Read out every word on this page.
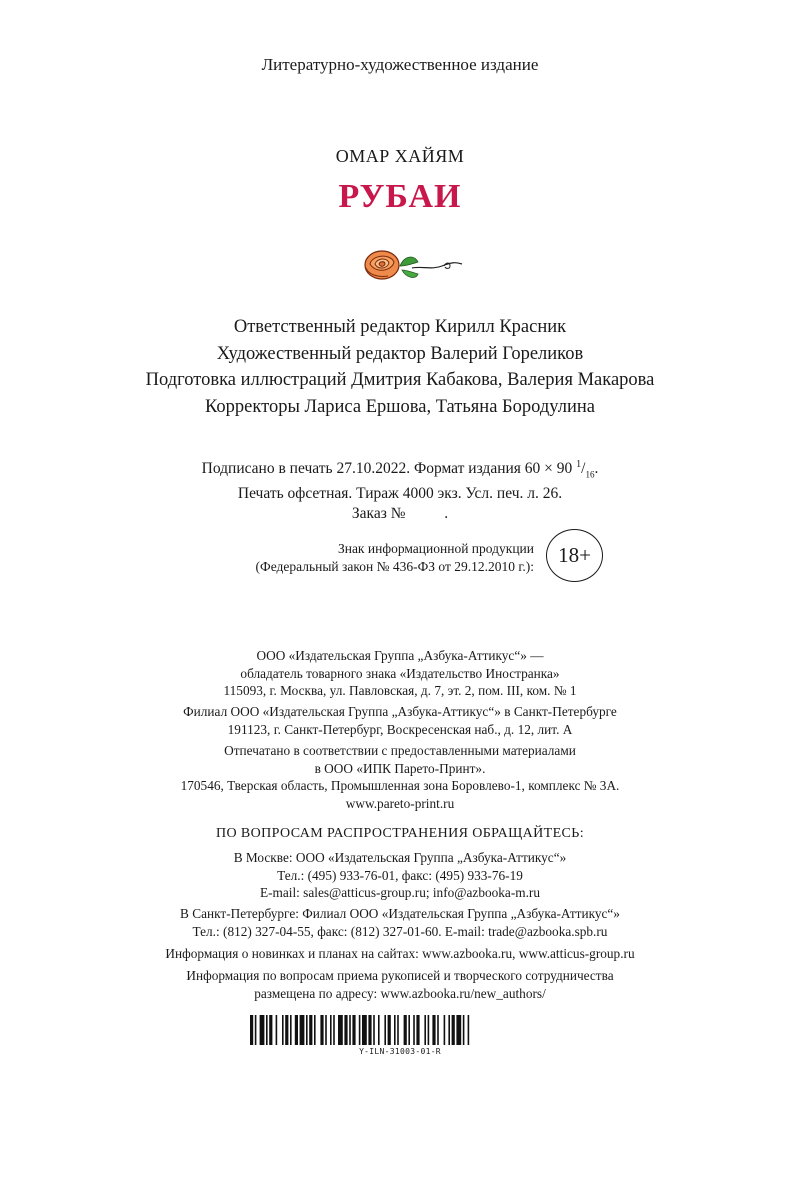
Литературно-художественное издание
ОМАР ХАЙЯМ
РУБАИ
Ответственный редактор Кирилл Красник
Художественный редактор Валерий Гореликов
Подготовка иллюстраций Дмитрия Кабакова, Валерия Макарова
Корректоры Лариса Ершова, Татьяна Бородулина
Подписано в печать 27.10.2022. Формат издания 60 × 90 $^1/_{16}$.
Печать офсетная. Тираж 4000 экз. Усл. печ. л. 26.
Заказ №          .
Знак информационной продукции
(Федеральный закон № 436-ФЗ от 29.12.2010 г.):	18+
ООО «Издательская Группа „Азбука-Аттикус“» —
обладатель товарного знака «Издательство Иностранка»
115093, г. Москва, ул. Павловская, д. 7, эт. 2, пом. III, ком. № 1
Филиал ООО «Издательская Группа „Азбука-Аттикус“» в Санкт-Петербурге
191123, г. Санкт-Петербург, Воскресенская наб., д. 12, лит. А
Отпечатано в соответствии с предоставленными материалами
в ООО «ИПК Парето-Принт».
170546, Тверская область, Промышленная зона Боровлево-1, комплекс № 3А.
www.pareto-print.ru
ПО ВОПРОСАМ РАСПРОСТРАНЕНИЯ ОБРАЩАЙТЕСЬ:
В Москве: ООО «Издательская Группа „Азбука-Аттикус“»
Тел.: (495) 933-76-01, факс: (495) 933-76-19
E-mail: sales@atticus-group.ru; info@azbooka-m.ru
В Санкт-Петербурге: Филиал ООО «Издательская Группа „Азбука-Аттикус“»
Тел.: (812) 327-04-55, факс: (812) 327-01-60. E-mail: trade@azbooka.spb.ru
Информация о новинках и планах на сайтах: www.azbooka.ru, www.atticus-group.ru
Информация по вопросам приема рукописей и творческого сотрудничества
размещена по адресу: www.azbooka.ru/new_authors/
Y-ILN-31003-01-R
